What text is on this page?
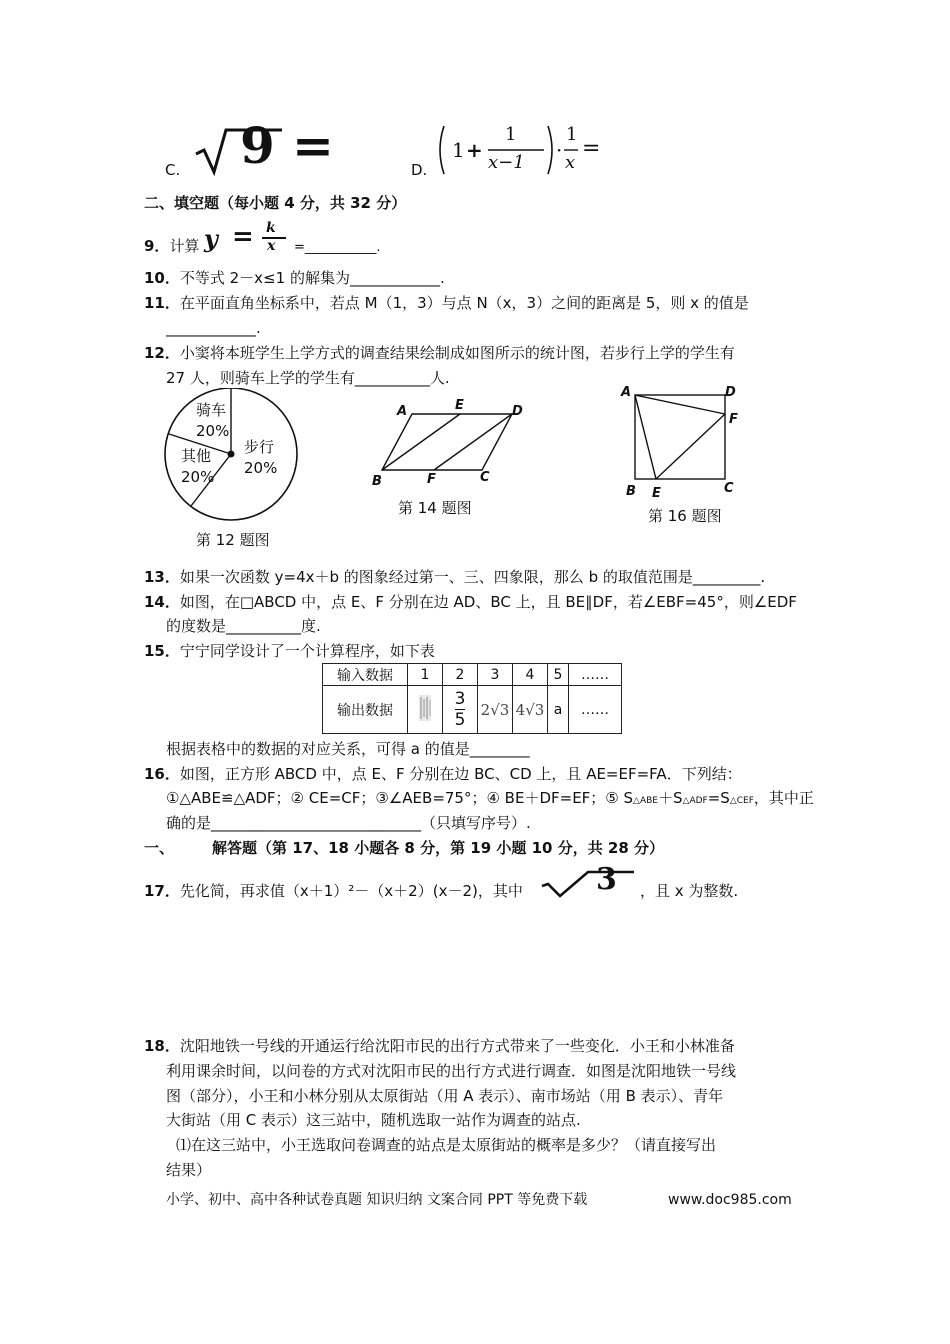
C. 9 =	D.
1 +
1
x−1
·
1
x
=
二、填空题（每小题 4 分，共 32 分）
9．计算 y = k
x =___________.
10．不等式 2－x≤1 的解集为____________.
11．在平面直角坐标系中，若点 M（1，3）与点 N（x，3）之间的距离是 5，则 x 的值是
____________.
12．小窦将本班学生上学方式的调查结果绘制成如图所示的统计图，若步行上学的学生有
27 人，则骑车上学的学生有__________人.
骑车
20%
步行
20%
其他
20%
第 12 题图
A	E	D
B	F	C
第 14 题图
A	D
F
B E	C
第 16 题图
13．如果一次函数 y=4x＋b 的图象经过第一、三、四象限，那么 b 的取值范围是_________.
14．如图，在□ABCD 中，点 E、F 分别在边 AD、BC 上，且 BE∥DF，若∠EBF=45°，则∠EDF
的度数是__________度.
15．宁宁同学设计了一个计算程序，如下表
输入数据	1	2	3	4	5	……
输出数据		$\frac{3}{5}$	2√3	4√3	a	……
根据表格中的数据的对应关系，可得 a 的值是________
16．如图，正方形 ABCD 中，点 E、F 分别在边 BC、CD 上，且 AE=EF=FA．下列结：
①△ABE≌△ADF；② CE=CF；③∠AEB=75°；④ BE＋DF=EF；⑤ S△ABE＋S△ADF=S△CEF，其中正
确的是____________________________（只填写序号）.
一、	解答题（第 17、18 小题各 8 分，第 19 小题 10 分，共 28 分）
17．先化简，再求值（x＋1）²－（x＋2）(x－2)，其中 3 ，且 x 为整数.
18．沈阳地铁一号线的开通运行给沈阳市民的出行方式带来了一些变化．小王和小林准备
利用课余时间，以问卷的方式对沈阳市民的出行方式进行调查．如图是沈阳地铁一号线
图（部分），小王和小林分别从太原街站（用 A 表示）、南市场站（用 B 表示）、青年
大街站（用 C 表示）这三站中，随机选取一站作为调查的站点.
⑴在这三站中，小王选取问卷调查的站点是太原街站的概率是多少？（请直接写出
结果）
小学、初中、高中各种试卷真题 知识归纳 文案合同 PPT 等免费下载	www.doc985.com
